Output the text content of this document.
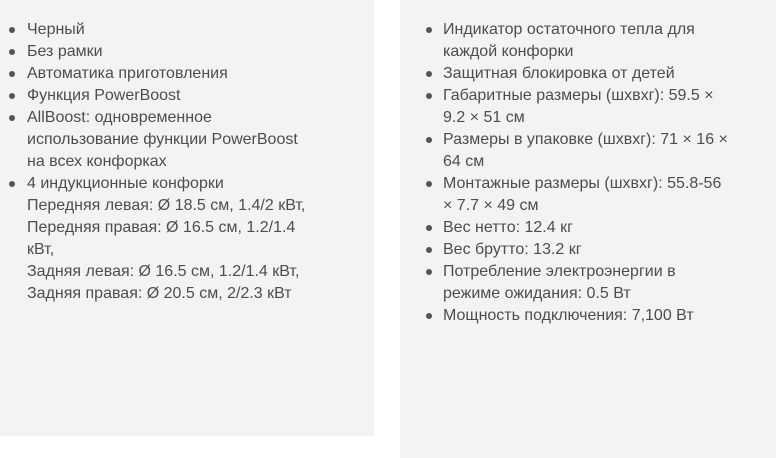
Черный
Без рамки
Автоматика приготовления
Функция PowerBoost
AllBoost: одновременное
использование функции PowerBoost
на всех конфорках
4 индукционные конфорки
Передняя левая: Ø 18.5 см, 1.4/2 кВт,
Передняя правая: Ø 16.5 см, 1.2/1.4
кВт,
Задняя левая: Ø 16.5 см, 1.2/1.4 кВт,
Задняя правая: Ø 20.5 см, 2/2.3 кВт
Индикатор остаточного тепла для
каждой конфорки
Защитная блокировка от детей
Габаритные размеры (шхвхг): 59.5 ×
9.2 × 51 см
Размеры в упаковке (шхвхг): 71 × 16 ×
64 см
Монтажные размеры (шхвхг): 55.8-56
× 7.7 × 49 см
Вес нетто: 12.4 кг
Вес брутто: 13.2 кг
Потребление электроэнергии в
режиме ожидания: 0.5 Вт
Мощность подключения: 7,100 Вт
